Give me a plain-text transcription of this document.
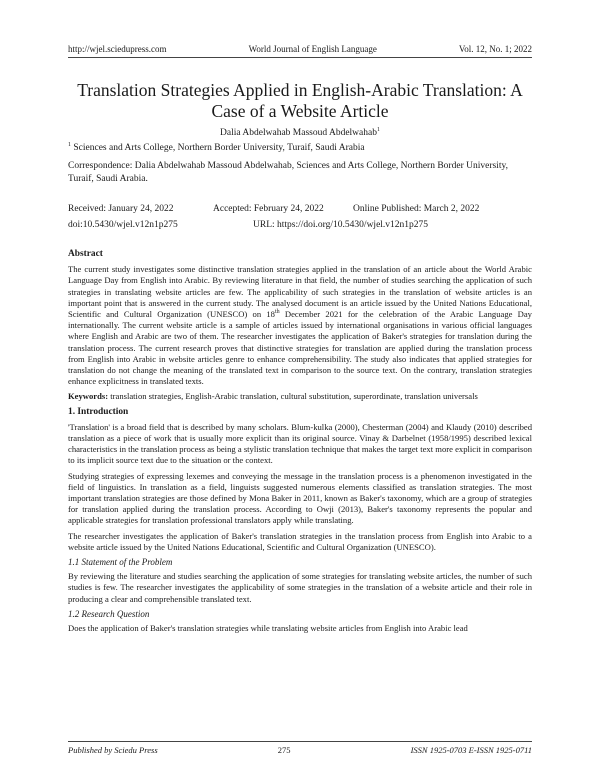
http://wjel.sciedupress.com	World Journal of English Language	Vol. 12, No. 1; 2022
Translation Strategies Applied in English-Arabic Translation: A Case of a Website Article
Dalia Abdelwahab Massoud Abdelwahab$^1$
$^1$ Sciences and Arts College, Northern Border University, Turaif, Saudi Arabia
Correspondence: Dalia Abdelwahab Massoud Abdelwahab, Sciences and Arts College, Northern Border University, Turaif, Saudi Arabia.
Received: January 24, 2022	Accepted: February 24, 2022	Online Published: March 2, 2022
doi:10.5430/wjel.v12n1p275	URL: https://doi.org/10.5430/wjel.v12n1p275
Abstract

The current study investigates some distinctive translation strategies applied in the translation of an article about the World Arabic Language Day from English into Arabic. By reviewing literature in that field, the number of studies searching the application of such strategies in translating website articles are few. The applicability of such strategies in the translation of website articles is an important point that is answered in the current study. The analysed document is an article issued by the United Nations Educational, Scientific and Cultural Organization (UNESCO) on 18th December 2021 for the celebration of the Arabic Language Day internationally. The current website article is a sample of articles issued by international organisations in various official languages where English and Arabic are two of them. The researcher investigates the application of Baker's strategies for translation during the translation process. The current research proves that distinctive strategies for translation are applied during the translation process from English into Arabic in website articles genre to enhance comprehensibility. The study also indicates that applied strategies for translation do not change the meaning of the translated text in comparison to the source text. On the contrary, translation strategies enhance explicitness in translated texts.

Keywords: translation strategies, English-Arabic translation, cultural substitution, superordinate, translation universals

1. Introduction

'Translation' is a broad field that is described by many scholars. Blum-kulka (2000), Chesterman (2004) and Klaudy (2010) described translation as a piece of work that is usually more explicit than its original source. Vinay & Darbelnet (1958/1995) described lexical characteristics in the translation process as being a stylistic translation technique that makes the target text more explicit in comparison to its implicit source text due to the situation or the context.

Studying strategies of expressing lexemes and conveying the message in the translation process is a phenomenon investigated in the field of linguistics. In translation as a field, linguists suggested numerous elements classified as translation strategies. The most important translation strategies are those defined by Mona Baker in 2011, known as Baker's taxonomy, which are a group of strategies for translation applied during the translation process. According to Owji (2013), Baker's taxonomy represents the popular and applicable strategies for translation professional translators apply while translating.

The researcher investigates the application of Baker's translation strategies in the translation process from English into Arabic to a website article issued by the United Nations Educational, Scientific and Cultural Organization (UNESCO).

1.1 Statement of the Problem

By reviewing the literature and studies searching the application of some strategies for translating website articles, the number of such studies is few. The researcher investigates the applicability of some strategies in the translation of a website article and their role in producing a clear and comprehensible translated text.

1.2 Research Question

Does the application of Baker's translation strategies while translating website articles from English into Arabic lead

Published by Sciedu Press	275	ISSN 1925-0703 E-ISSN 1925-0711
